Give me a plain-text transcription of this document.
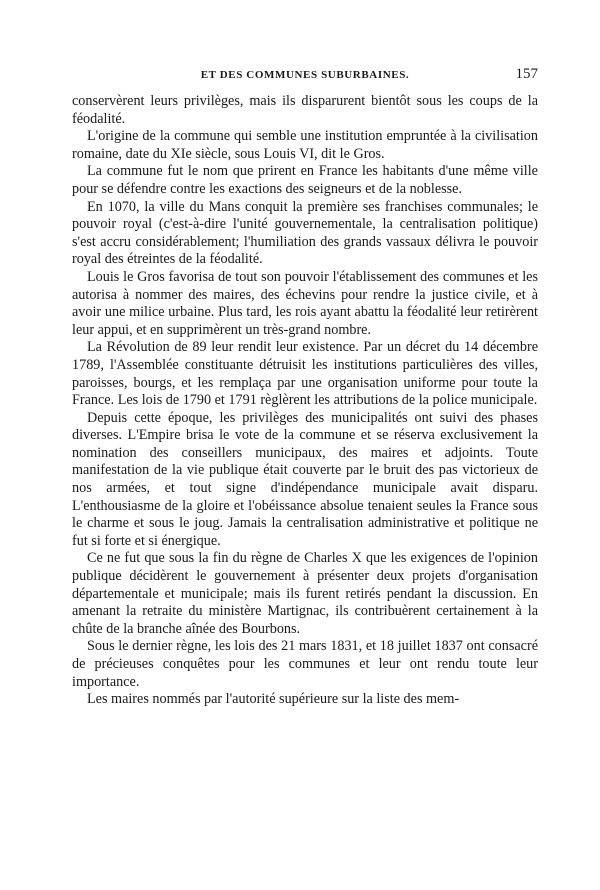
ET DES COMMUNES SUBURBAINES.	157

conservèrent leurs privilèges, mais ils disparurent bientôt sous les coups de la féodalité.

L'origine de la commune qui semble une institution empruntée à la civilisation romaine, date du XIe siècle, sous Louis VI, dit le Gros.

La commune fut le nom que prirent en France les habitants d'une même ville pour se défendre contre les exactions des seigneurs et de la noblesse.

En 1070, la ville du Mans conquit la première ses franchises communales; le pouvoir royal (c'est-à-dire l'unité gouvernementale, la centralisation politique) s'est accru considérablement; l'humiliation des grands vassaux délivra le pouvoir royal des étreintes de la féodalité.

Louis le Gros favorisa de tout son pouvoir l'établissement des communes et les autorisa à nommer des maires, des échevins pour rendre la justice civile, et à avoir une milice urbaine. Plus tard, les rois ayant abattu la féodalité leur retirèrent leur appui, et en supprimèrent un très-grand nombre.

La Révolution de 89 leur rendit leur existence. Par un décret du 14 décembre 1789, l'Assemblée constituante détruisit les institutions particulières des villes, paroisses, bourgs, et les remplaça par une organisation uniforme pour toute la France. Les lois de 1790 et 1791 règlèrent les attributions de la police municipale.

Depuis cette époque, les privilèges des municipalités ont suivi des phases diverses. L'Empire brisa le vote de la commune et se réserva exclusivement la nomination des conseillers municipaux, des maires et adjoints. Toute manifestation de la vie publique était couverte par le bruit des pas victorieux de nos armées, et tout signe d'indépendance municipale avait disparu. L'enthousiasme de la gloire et l'obéissance absolue tenaient seules la France sous le charme et sous le joug. Jamais la centralisation administrative et politique ne fut si forte et si énergique.

Ce ne fut que sous la fin du règne de Charles X que les exigences de l'opinion publique décidèrent le gouvernement à présenter deux projets d'organisation départementale et municipale; mais ils furent retirés pendant la discussion. En amenant la retraite du ministère Martignac, ils contribuèrent certainement à la chûte de la branche aînée des Bourbons.

Sous le dernier règne, les lois des 21 mars 1831, et 18 juillet 1837 ont consacré de précieuses conquêtes pour les communes et leur ont rendu toute leur importance.

Les maires nommés par l'autorité supérieure sur la liste des mem-
